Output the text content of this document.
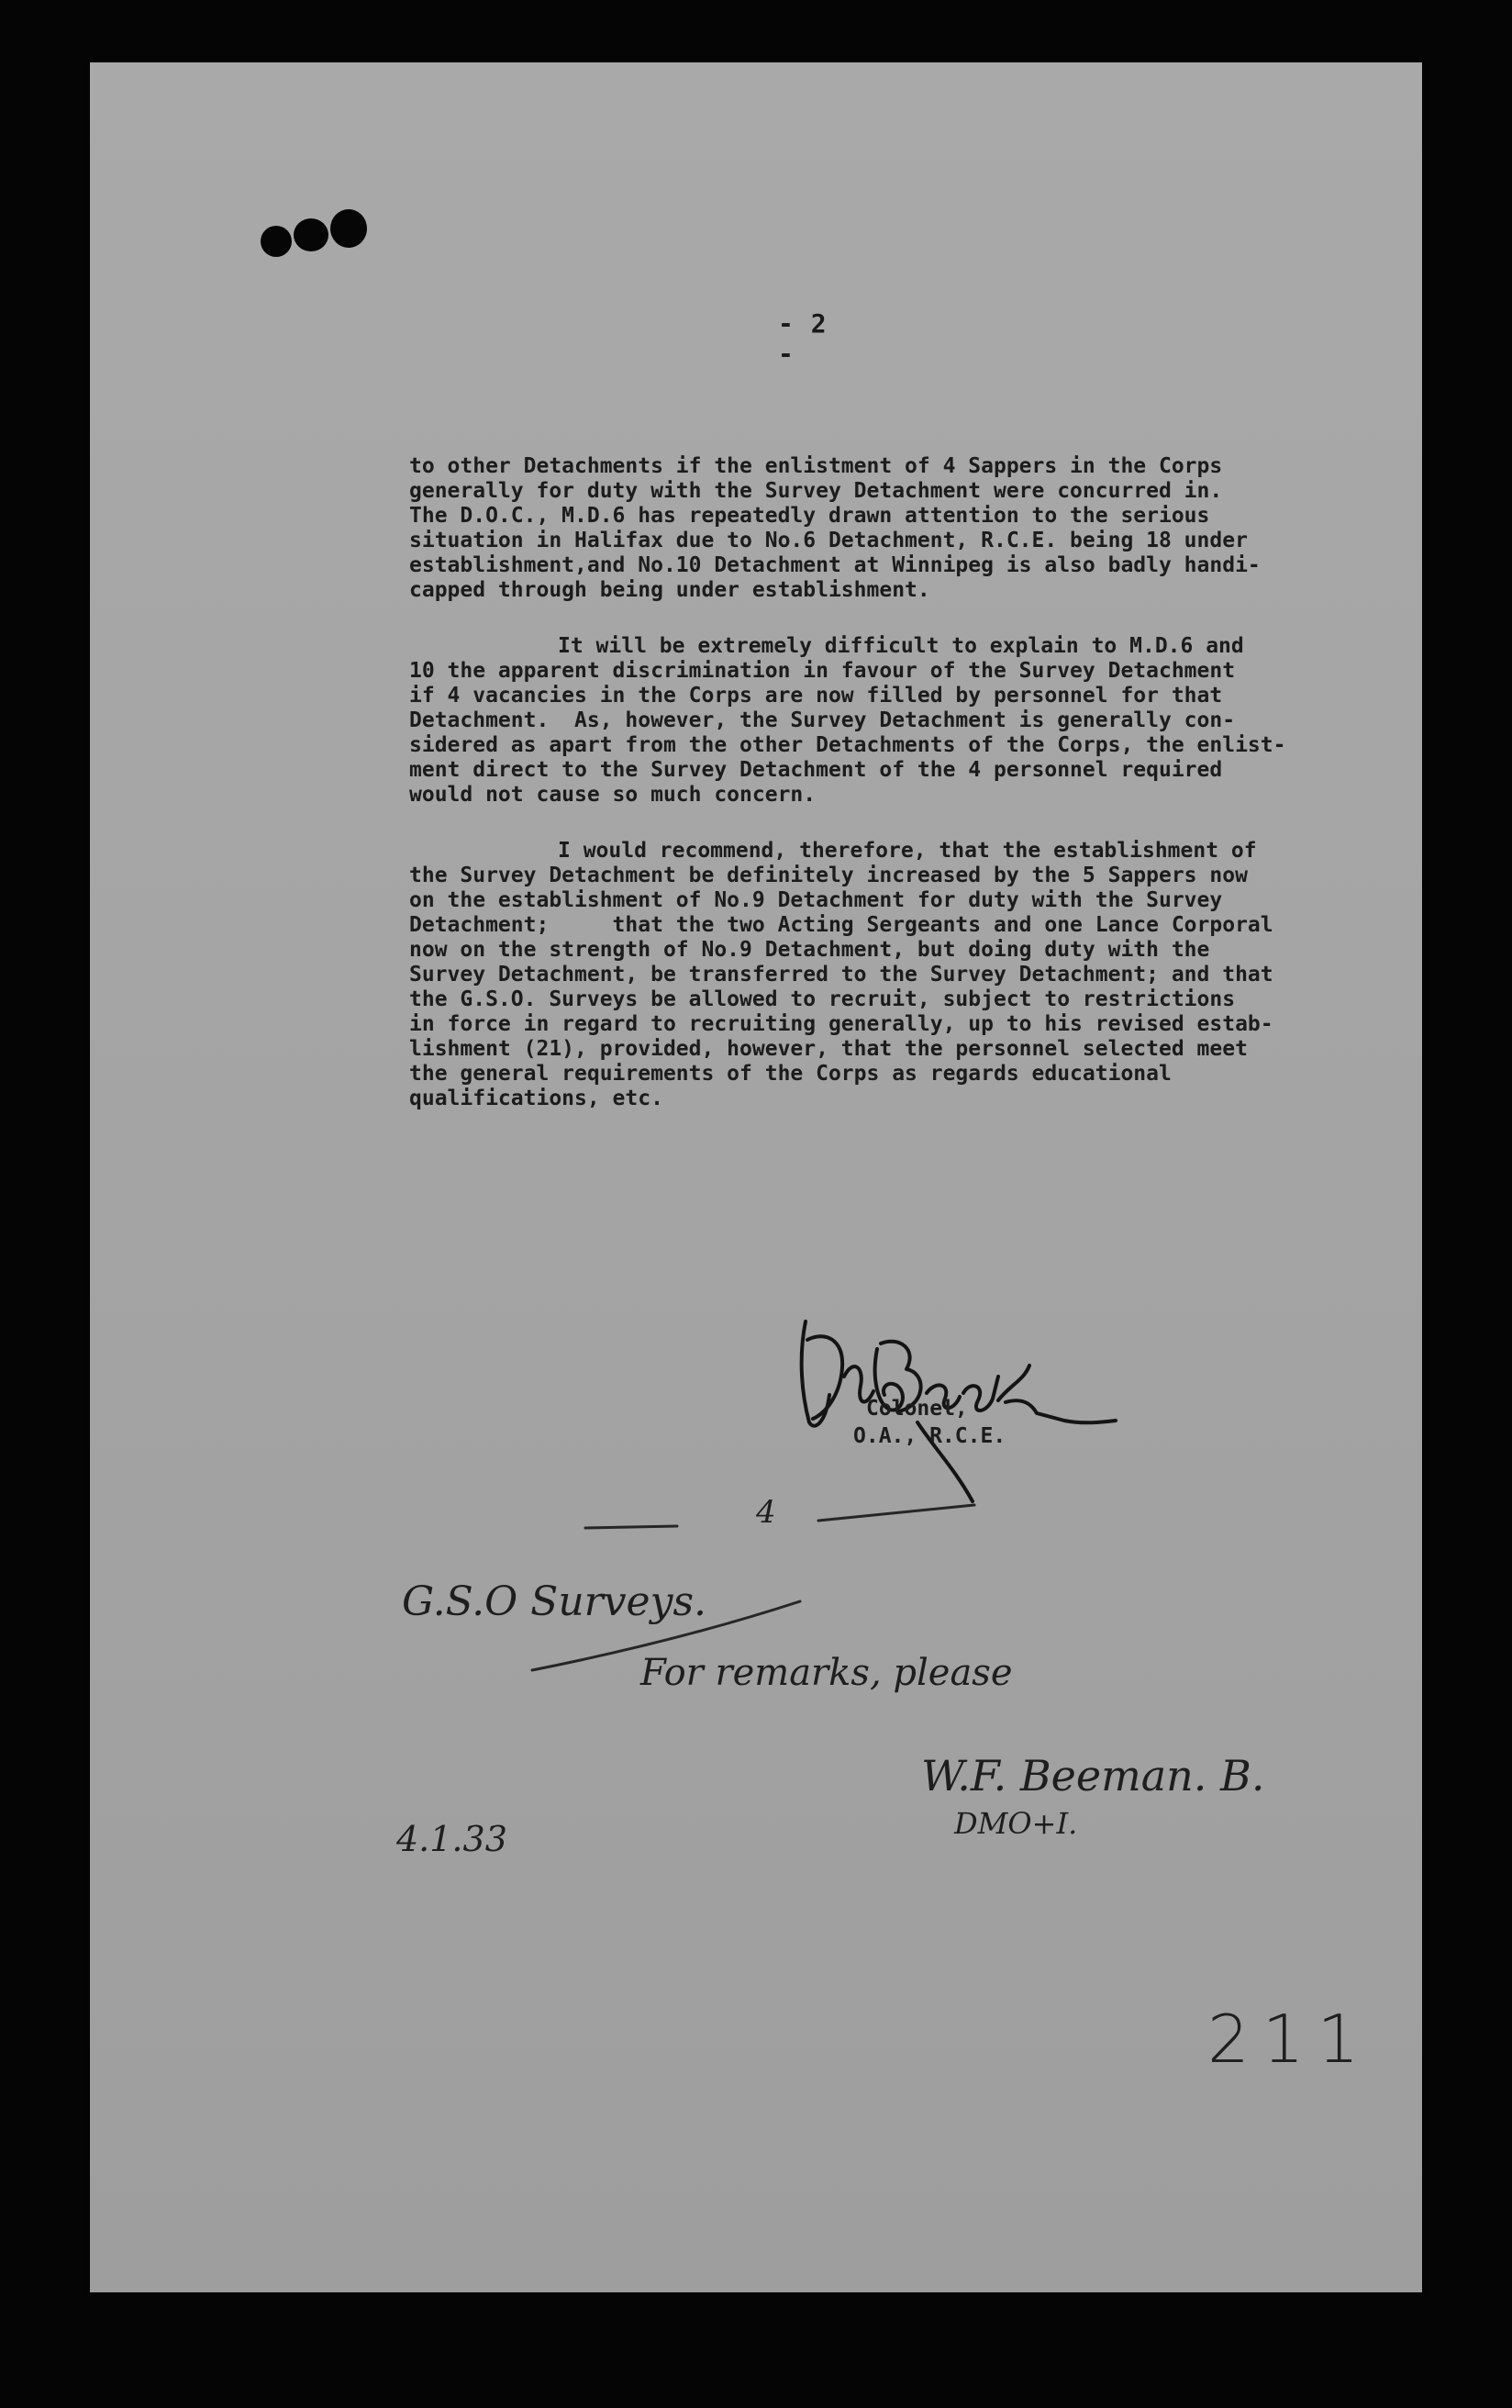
- 2 -
to other Detachments if the enlistment of 4 Sappers in the Corps
generally for duty with the Survey Detachment were concurred in.
The D.O.C., M.D.6 has repeatedly drawn attention to the serious
situation in Halifax due to No.6 Detachment, R.C.E. being 18 under
establishment,and No.10 Detachment at Winnipeg is also badly handi-
capped through being under establishment.
It will be extremely difficult to explain to M.D.6 and
10 the apparent discrimination in favour of the Survey Detachment
if 4 vacancies in the Corps are now filled by personnel for that
Detachment.  As, however, the Survey Detachment is generally con-
sidered as apart from the other Detachments of the Corps, the enlist-
ment direct to the Survey Detachment of the 4 personnel required
would not cause so much concern.
I would recommend, therefore, that the establishment of
the Survey Detachment be definitely increased by the 5 Sappers now
on the establishment of No.9 Detachment for duty with the Survey
Detachment;     that the two Acting Sergeants and one Lance Corporal
now on the strength of No.9 Detachment, but doing duty with the
Survey Detachment, be transferred to the Survey Detachment; and that
the G.S.O. Surveys be allowed to recruit, subject to restrictions
in force in regard to recruiting generally, up to his revised estab-
lishment (21), provided, however, that the personnel selected meet
the general requirements of the Corps as regards educational
qualifications, etc.
Colonel,
O.A., R.C.E.
4
G.S.O Surveys.
For remarks, please
W.F. Beeman. B.
DMO+I.
4.1.33
211
